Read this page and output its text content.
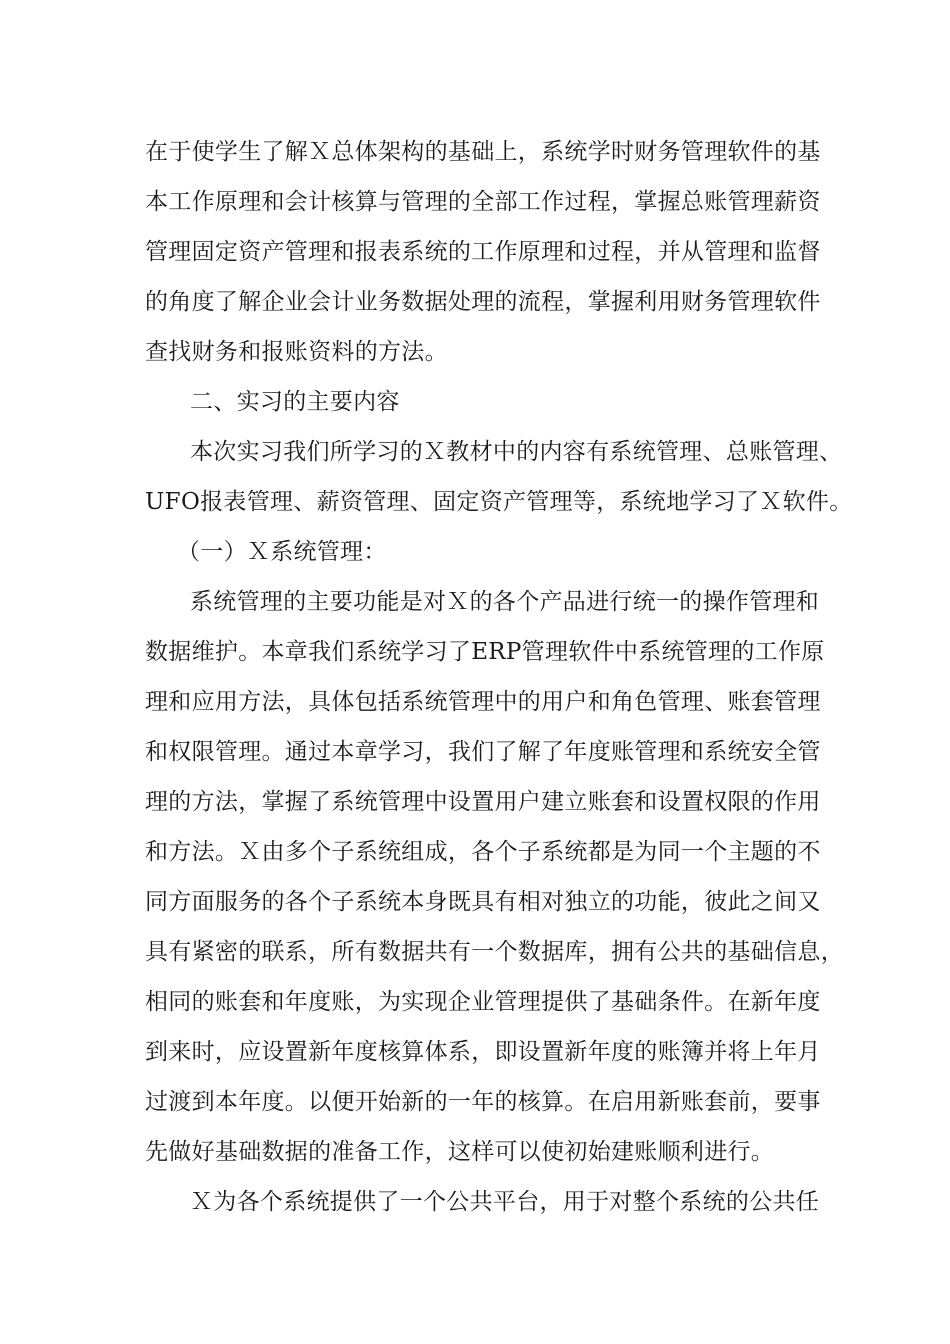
在于使学生了解Ｘ总体架构的基础上，系统学时财务管理软件的基
本工作原理和会计核算与管理的全部工作过程，掌握总账管理薪资
管理固定资产管理和报表系统的工作原理和过程，并从管理和监督
的角度了解企业会计业务数据处理的流程，掌握利用财务管理软件
查找财务和报账资料的方法。
二、实习的主要内容
本次实习我们所学习的Ｘ教材中的内容有系统管理、总账管理、
UFO报表管理、薪资管理、固定资产管理等，系统地学习了Ｘ软件。
（一）Ｘ系统管理：
系统管理的主要功能是对Ｘ的各个产品进行统一的操作管理和
数据维护。本章我们系统学习了ERP管理软件中系统管理的工作原
理和应用方法，具体包括系统管理中的用户和角色管理、账套管理
和权限管理。通过本章学习，我们了解了年度账管理和系统安全管
理的方法，掌握了系统管理中设置用户建立账套和设置权限的作用
和方法。Ｘ由多个子系统组成，各个子系统都是为同一个主题的不
同方面服务的各个子系统本身既具有相对独立的功能，彼此之间又
具有紧密的联系，所有数据共有一个数据库，拥有公共的基础信息，
相同的账套和年度账，为实现企业管理提供了基础条件。在新年度
到来时，应设置新年度核算体系，即设置新年度的账簿并将上年月
过渡到本年度。以便开始新的一年的核算。在启用新账套前，要事
先做好基础数据的准备工作，这样可以使初始建账顺利进行。
Ｘ为各个系统提供了一个公共平台，用于对整个系统的公共任
